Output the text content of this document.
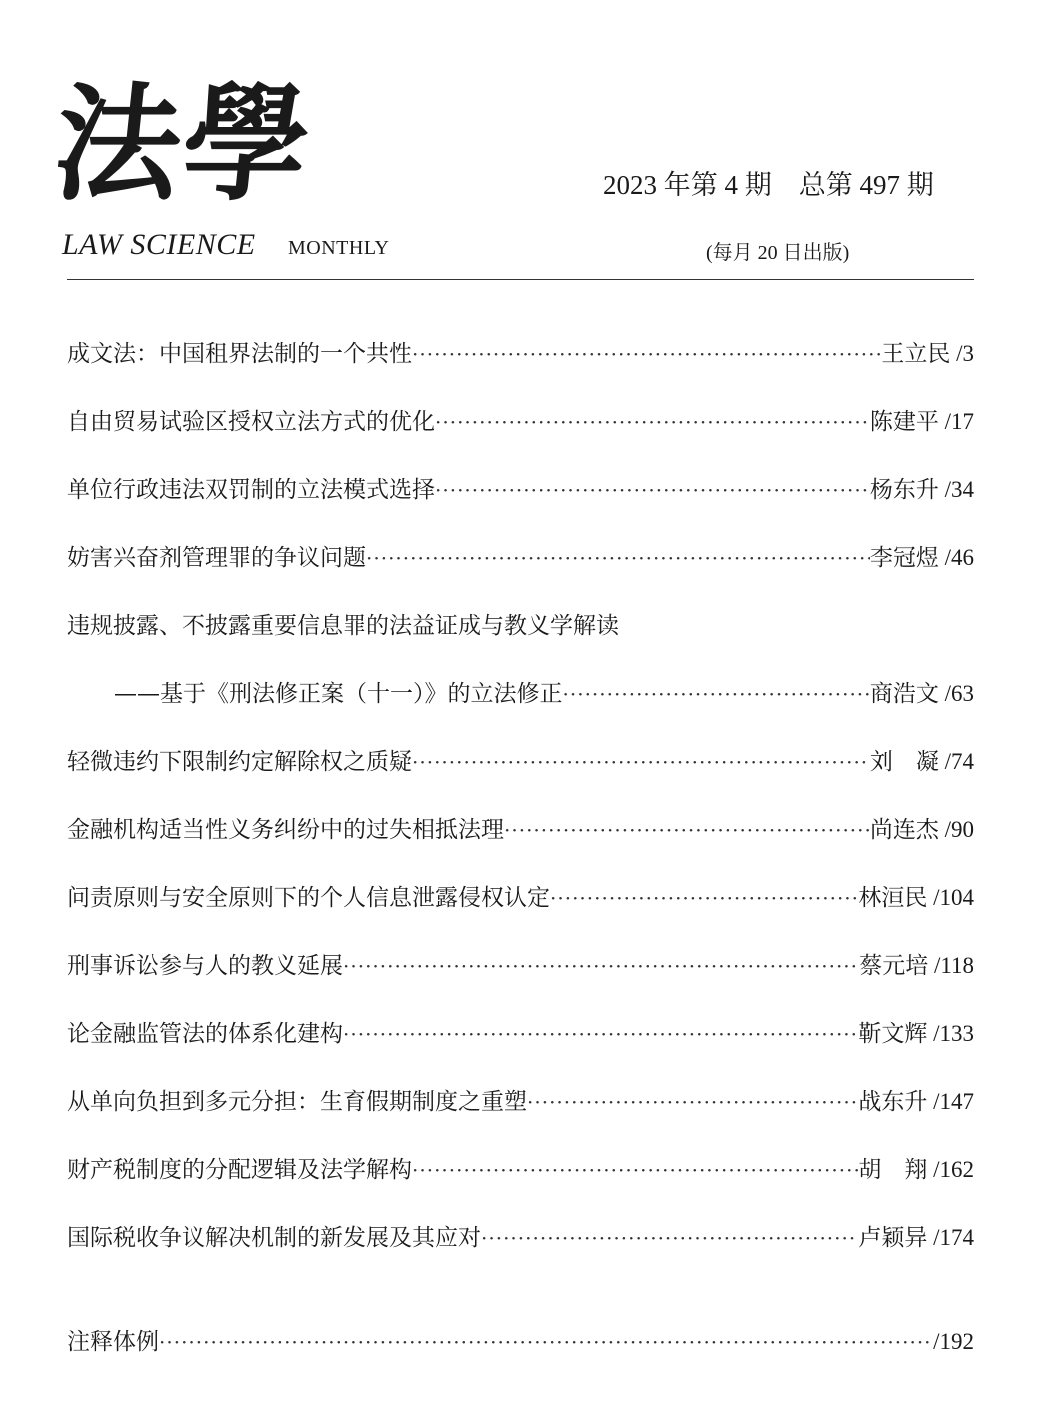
法學	2023 年第 4 期　总第 497 期
LAW SCIENCE MONTHLY	(每月 20 日出版)
成文法：中国租界法制的一个共性 ·····	王立民 /3
自由贸易试验区授权立法方式的优化 ·····	陈建平 /17
单位行政违法双罚制的立法模式选择 ·····	杨东升 /34
妨害兴奋剂管理罪的争议问题 ·····	李冠煜 /46
违规披露、不披露重要信息罪的法益证成与教义学解读
——基于《刑法修正案（十一）》的立法修正 ·····	商浩文 /63
轻微违约下限制约定解除权之质疑 ·····	刘　凝 /74
金融机构适当性义务纠纷中的过失相抵法理 ·····	尚连杰 /90
问责原则与安全原则下的个人信息泄露侵权认定 ·····	林洹民 /104
刑事诉讼参与人的教义延展 ·····	蔡元培 /118
论金融监管法的体系化建构 ·····	靳文辉 /133
从单向负担到多元分担：生育假期制度之重塑 ·····	战东升 /147
财产税制度的分配逻辑及法学解构 ·····	胡　翔 /162
国际税收争议解决机制的新发展及其应对 ·····	卢颖异 /174
注释体例 ·····	/192
